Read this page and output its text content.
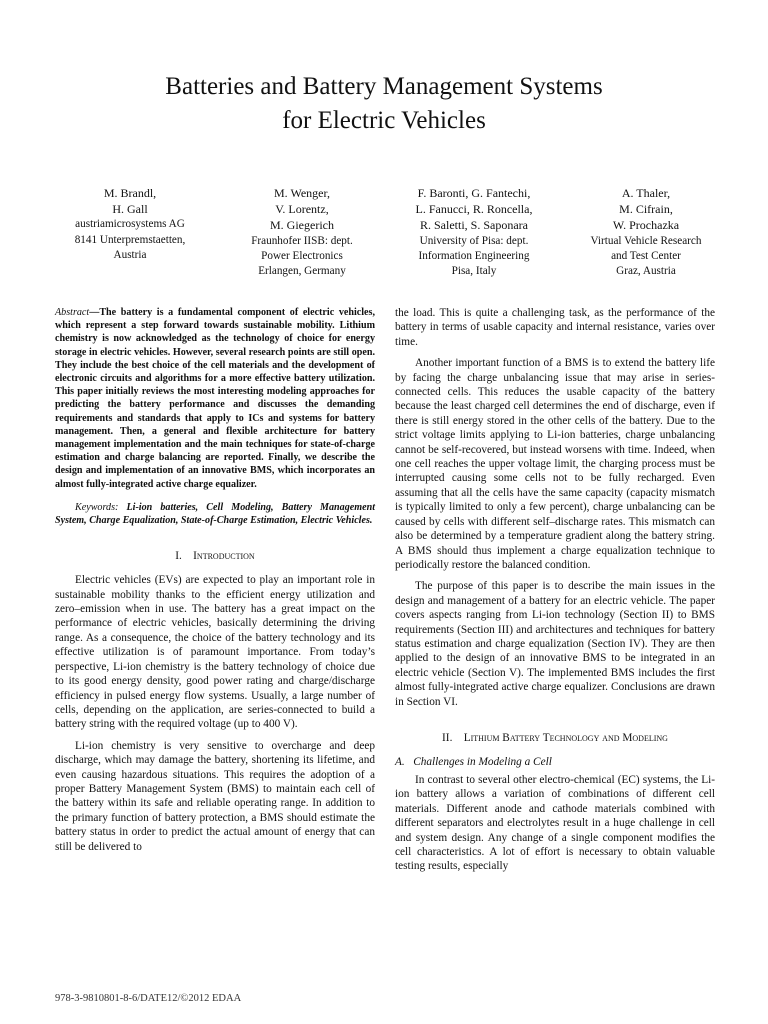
Batteries and Battery Management Systems
for Electric Vehicles
M. Brandl,
H. Gall
austriamicrosystems AG
8141 Unterpremstaetten,
Austria
M. Wenger,
V. Lorentz,
M. Giegerich
Fraunhofer IISB: dept.
Power Electronics
Erlangen, Germany
F. Baronti, G. Fantechi,
L. Fanucci, R. Roncella,
R. Saletti, S. Saponara
University of Pisa: dept.
Information Engineering
Pisa, Italy
A. Thaler,
M. Cifrain,
W. Prochazka
Virtual Vehicle Research
and Test Center
Graz, Austria

Abstract—The battery is a fundamental component of electric vehicles, which represent a step forward towards sustainable mobility. Lithium chemistry is now acknowledged as the technology of choice for energy storage in electric vehicles. However, several research points are still open. They include the best choice of the cell materials and the development of electronic circuits and algorithms for a more effective battery utilization. This paper initially reviews the most interesting modeling approaches for predicting the battery performance and discusses the demanding requirements and standards that apply to ICs and systems for battery management. Then, a general and flexible architecture for battery management implementation and the main techniques for state-of-charge estimation and charge balancing are reported. Finally, we describe the design and implementation of an innovative BMS, which incorporates an almost fully-integrated active charge equalizer.

Keywords: Li-ion batteries, Cell Modeling, Battery Management System, Charge Equalization, State-of-Charge Estimation, Electric Vehicles.

I. Introduction

Electric vehicles (EVs) are expected to play an important role in sustainable mobility thanks to the efficient energy utilization and zero–emission when in use. The battery has a great impact on the performance of electric vehicles, basically determining the driving range. As a consequence, the choice of the battery technology and its effective utilization is of paramount importance. From today’s perspective, Li-ion chemistry is the battery technology of choice due to its good energy density, good power rating and charge/discharge efficiency in pulsed energy flow systems. Usually, a large number of cells, depending on the application, are series-connected to build a battery string with the required voltage (up to 400 V).

Li-ion chemistry is very sensitive to overcharge and deep discharge, which may damage the battery, shortening its lifetime, and even causing hazardous situations. This requires the adoption of a proper Battery Management System (BMS) to maintain each cell of the battery within its safe and reliable operating range. In addition to the primary function of battery protection, a BMS should estimate the battery status in order to predict the actual amount of energy that can still be delivered to

the load. This is quite a challenging task, as the performance of the battery in terms of usable capacity and internal resistance, varies over time.

Another important function of a BMS is to extend the battery life by facing the charge unbalancing issue that may arise in series-connected cells. This reduces the usable capacity of the battery because the least charged cell determines the end of discharge, even if there is still energy stored in the other cells of the battery. Due to the strict voltage limits applying to Li-ion batteries, charge unbalancing cannot be self-recovered, but instead worsens with time. Indeed, when one cell reaches the upper voltage limit, the charging process must be interrupted causing some cells not to be fully recharged. Even assuming that all the cells have the same capacity (capacity mismatch is typically limited to only a few percent), charge unbalancing can be caused by cells with different self–discharge rates. This mismatch can also be determined by a temperature gradient along the battery string. A BMS should thus implement a charge equalization technique to periodically restore the balanced condition.

The purpose of this paper is to describe the main issues in the design and management of a battery for an electric vehicle. The paper covers aspects ranging from Li-ion technology (Section II) to BMS requirements (Section III) and architectures and techniques for battery status estimation and charge equalization (Section IV). They are then applied to the design of an innovative BMS to be integrated in an electric vehicle (Section V). The implemented BMS includes the first almost fully-integrated active charge equalizer. Conclusions are drawn in Section VI.

II. Lithium Battery Technology and Modeling

A.   Challenges in Modeling a Cell

In contrast to several other electro-chemical (EC) systems, the Li-ion battery allows a variation of combinations of different cell materials. Different anode and cathode materials combined with different separators and electrolytes result in a huge challenge in cell and system design. Any change of a single component modifies the cell characteristics. A lot of effort is necessary to obtain valuable testing results, especially

978-3-9810801-8-6/DATE12/©2012 EDAA
